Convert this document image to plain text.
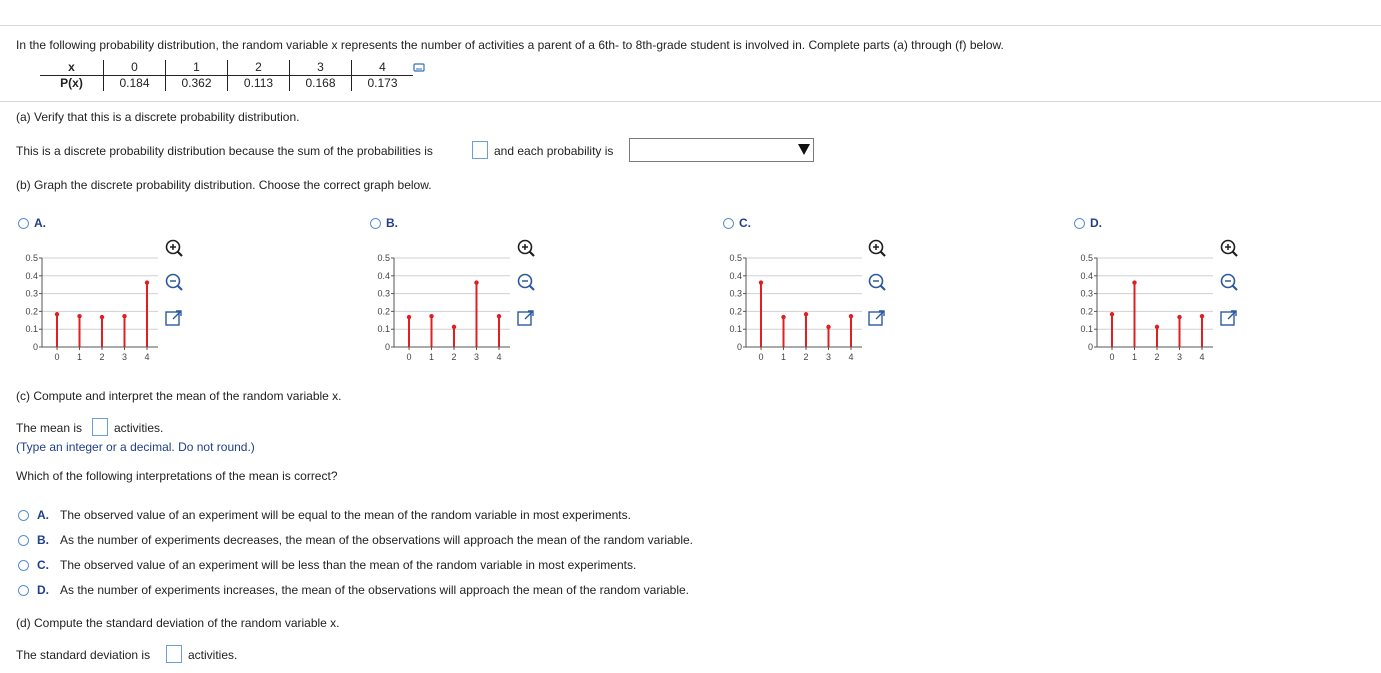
In the following probability distribution, the random variable x represents the number of activities a parent of a 6th- to 8th-grade student is involved in. Complete parts (a) through (f) below.
x	0	1	2	3	4
P(x)	0.184	0.362	0.113	0.168	0.173
(a) Verify that this is a discrete probability distribution.
This is a discrete probability distribution because the sum of the probabilities is	and each probability is
(b) Graph the discrete probability distribution. Choose the correct graph below.
A.
0
0.1
0.2
0.3
0.4
0.5
0 1 2 3 4
B.
0
0.1
0.2
0.3
0.4
0.5
0 1 2 3 4
C.
0
0.1
0.2
0.3
0.4
0.5
0 1 2 3 4
D.
0
0.1
0.2
0.3
0.4
0.5
0 1 2 3 4
(c) Compute and interpret the mean of the random variable x.
The mean is	activities.
(Type an integer or a decimal. Do not round.)
Which of the following interpretations of the mean is correct?
A. The observed value of an experiment will be equal to the mean of the random variable in most experiments.
B. As the number of experiments decreases, the mean of the observations will approach the mean of the random variable.
C. The observed value of an experiment will be less than the mean of the random variable in most experiments.
D. As the number of experiments increases, the mean of the observations will approach the mean of the random variable.
(d) Compute the standard deviation of the random variable x.
The standard deviation is	activities.
